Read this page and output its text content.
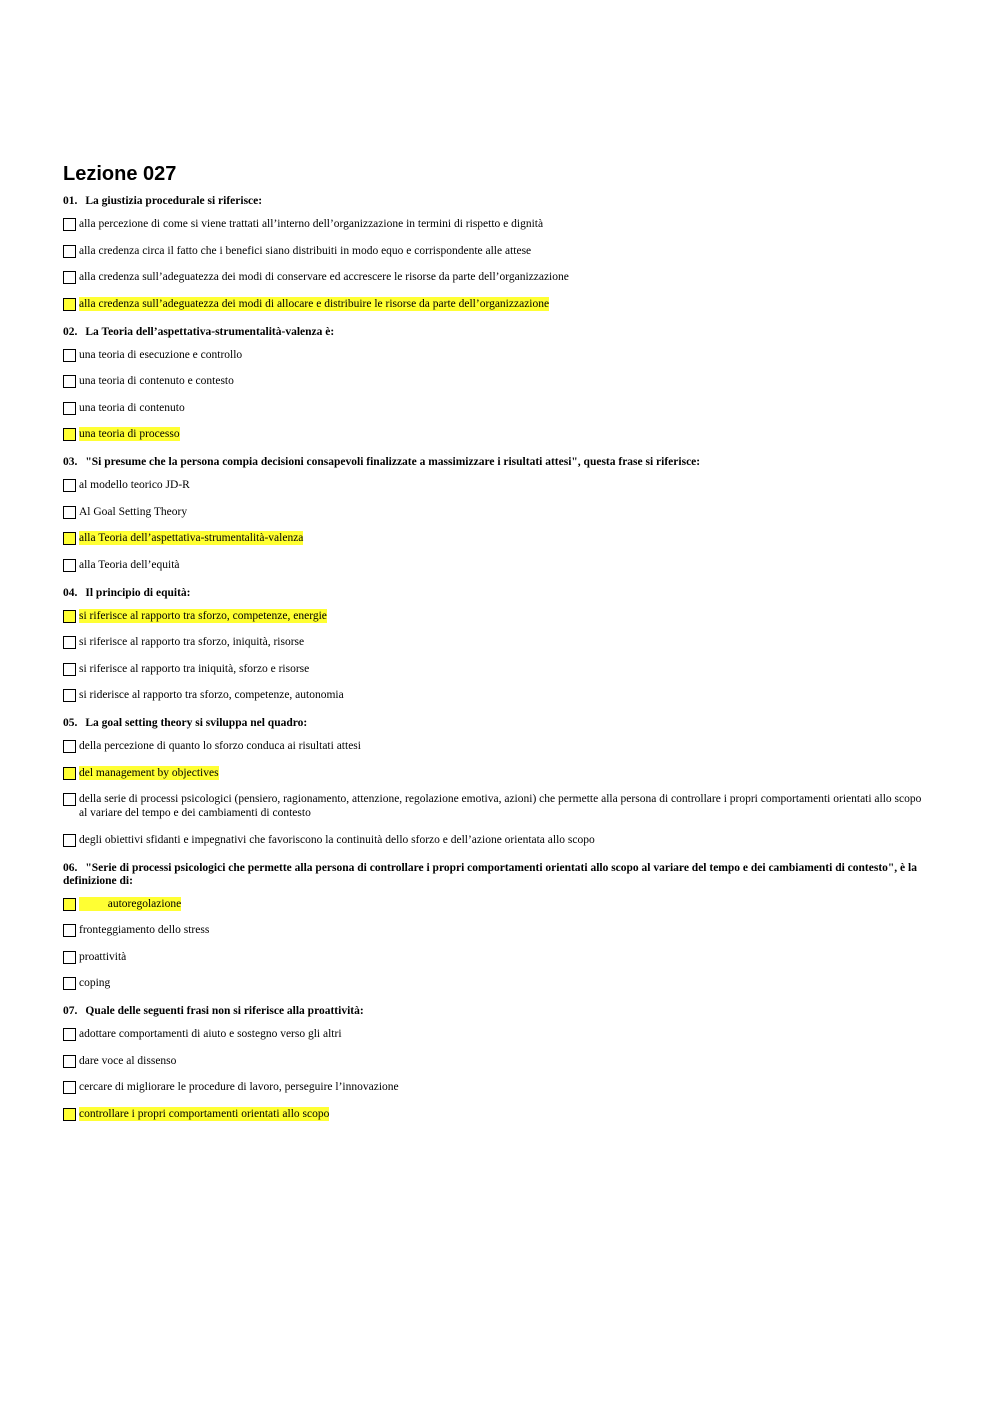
Lezione 027

01. La giustizia procedurale si riferisce:

alla percezione di come si viene trattati all’interno dell’organizzazione in termini di rispetto e dignità
alla credenza circa il fatto che i benefici siano distribuiti in modo equo e corrispondente alle attese
alla credenza sull’adeguatezza dei modi di conservare ed accrescere le risorse da parte dell’organizzazione
alla credenza sull’adeguatezza dei modi di allocare e distribuire le risorse da parte dell’organizzazione

02. La Teoria dell’aspettativa-strumentalità-valenza è:

una teoria di esecuzione e controllo
una teoria di contenuto e contesto
una teoria di contenuto
una teoria di processo

03. "Si presume che la persona compia decisioni consapevoli finalizzate a massimizzare i risultati attesi", questa frase si riferisce:

al modello teorico JD-R
Al Goal Setting Theory
alla Teoria dell’aspettativa-strumentalità-valenza
alla Teoria dell’equità

04. Il principio di equità:

si riferisce al rapporto tra sforzo, competenze, energie
si riferisce al rapporto tra sforzo, iniquità, risorse
si riferisce al rapporto tra iniquità, sforzo e risorse
si riderisce al rapporto tra sforzo, competenze, autonomia

05. La goal setting theory si sviluppa nel quadro:

della percezione di quanto lo sforzo conduca ai risultati attesi
del management by objectives
della serie di processi psicologici (pensiero, ragionamento, attenzione, regolazione emotiva, azioni) che permette alla persona di controllare i propri comportamenti orientati allo scopo al variare del tempo e dei cambiamenti di contesto
degli obiettivi sfidanti e impegnativi che favoriscono la continuità dello sforzo e dell’azione orientata allo scopo

06. "Serie di processi psicologici che permette alla persona di controllare i propri comportamenti orientati allo scopo al variare del tempo e dei cambiamenti di contesto", è la definizione di:

autoregolazione
fronteggiamento dello stress
proattività
coping

07. Quale delle seguenti frasi non si riferisce alla proattività:

adottare comportamenti di aiuto e sostegno verso gli altri
dare voce al dissenso
cercare di migliorare le procedure di lavoro, perseguire l’innovazione
controllare i propri comportamenti orientati allo scopo
